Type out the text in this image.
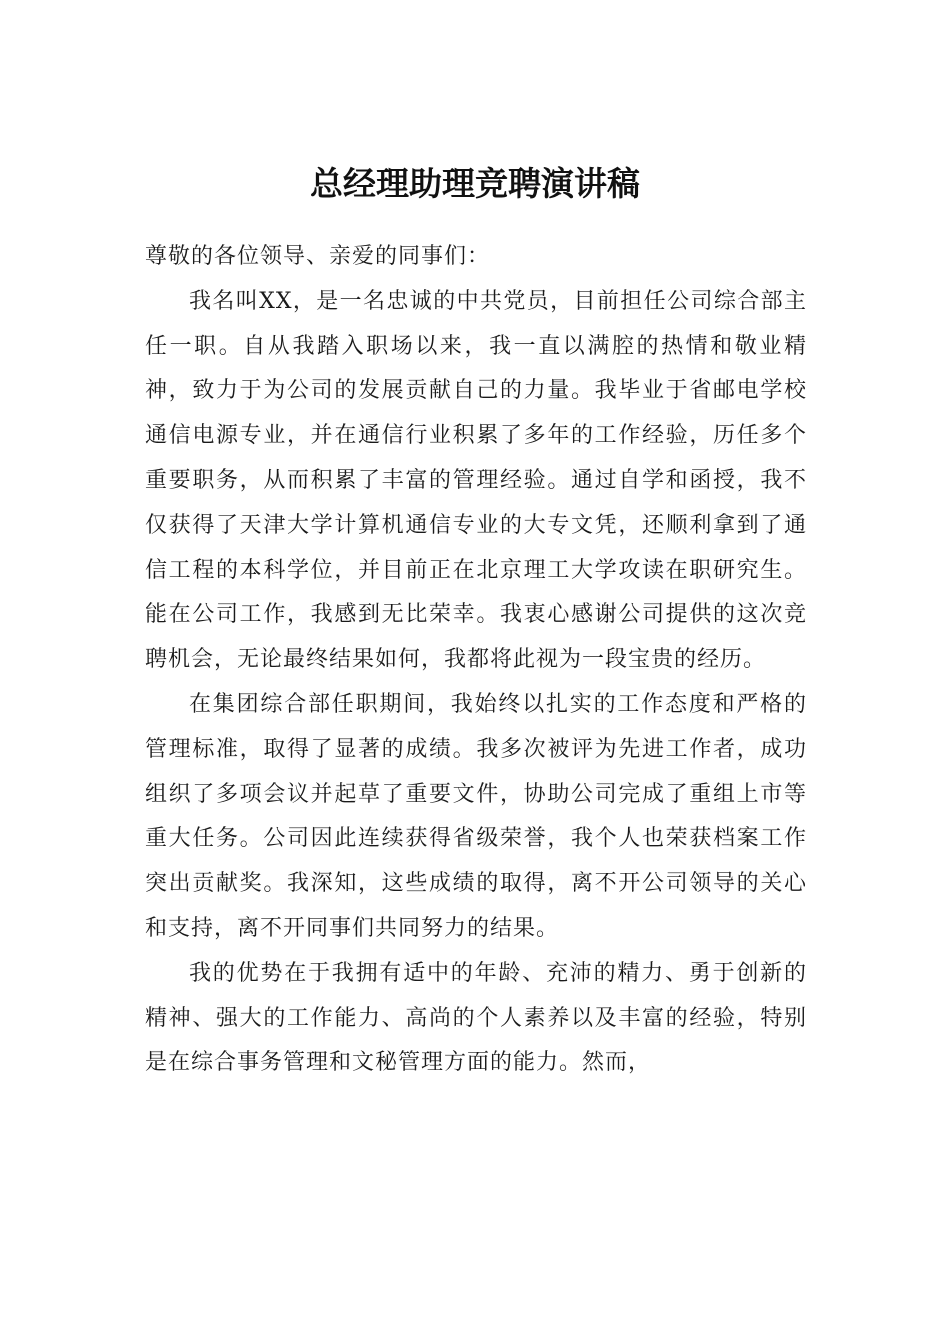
总经理助理竞聘演讲稿

尊敬的各位领导、亲爱的同事们：

我名叫XX，是一名忠诚的中共党员，目前担任公司综合部主任一职。自从我踏入职场以来，我一直以满腔的热情和敬业精神，致力于为公司的发展贡献自己的力量。我毕业于省邮电学校通信电源专业，并在通信行业积累了多年的工作经验，历任多个重要职务，从而积累了丰富的管理经验。通过自学和函授，我不仅获得了天津大学计算机通信专业的大专文凭，还顺利拿到了通信工程的本科学位，并目前正在北京理工大学攻读在职研究生。能在公司工作，我感到无比荣幸。我衷心感谢公司提供的这次竞聘机会，无论最终结果如何，我都将此视为一段宝贵的经历。

在集团综合部任职期间，我始终以扎实的工作态度和严格的管理标准，取得了显著的成绩。我多次被评为先进工作者，成功组织了多项会议并起草了重要文件，协助公司完成了重组上市等重大任务。公司因此连续获得省级荣誉，我个人也荣获档案工作突出贡献奖。我深知，这些成绩的取得，离不开公司领导的关心和支持，离不开同事们共同努力的结果。

我的优势在于我拥有适中的年龄、充沛的精力、勇于创新的精神、强大的工作能力、高尚的个人素养以及丰富的经验，特别是在综合事务管理和文秘管理方面的能力。然而，
